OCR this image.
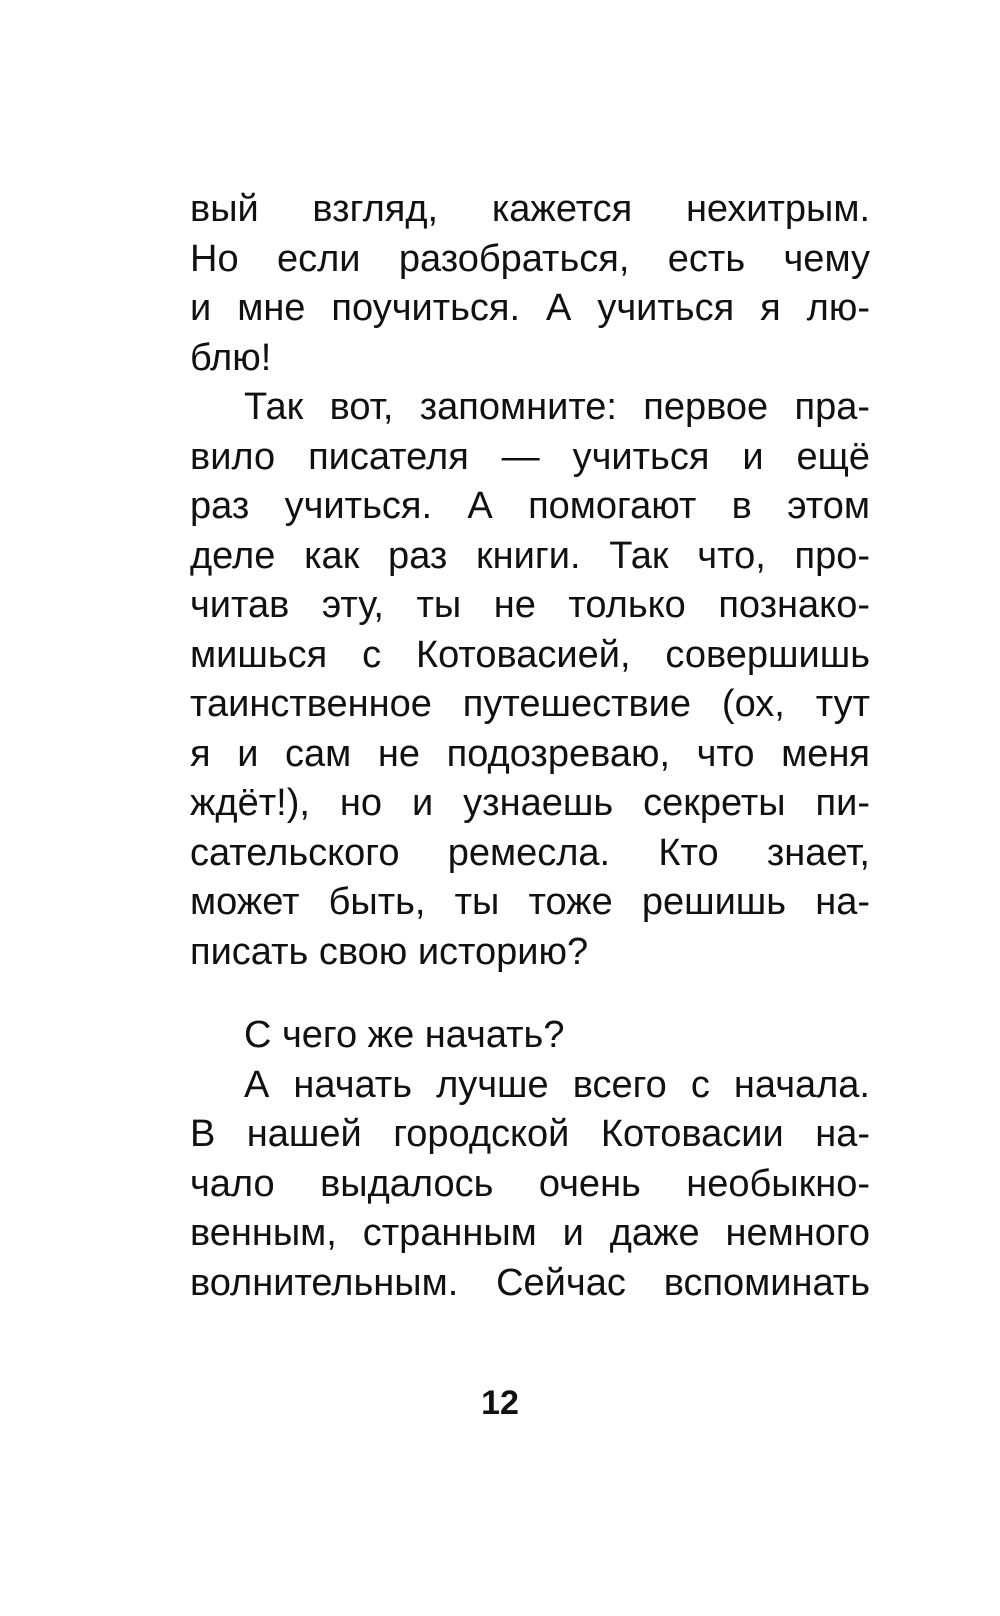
вый взгляд, кажется нехитрым.
Но если разобраться, есть чему
и мне поучиться. А учиться я лю-
блю!
Так вот, запомните: первое пра-
вило писателя — учиться и ещё
раз учиться. А помогают в этом
деле как раз книги. Так что, про-
читав эту, ты не только познако-
мишься с Котовасией, совершишь
таинственное путешествие (ох, тут
я и сам не подозреваю, что меня
ждёт!), но и узнаешь секреты пи-
сательского ремесла. Кто знает,
может быть, ты тоже решишь на-
писать свою историю?
С чего же начать?
А начать лучше всего с начала.
В нашей городской Котовасии на-
чало выдалось очень необыкно-
венным, странным и даже немного
волнительным. Сейчас вспоминать
12
